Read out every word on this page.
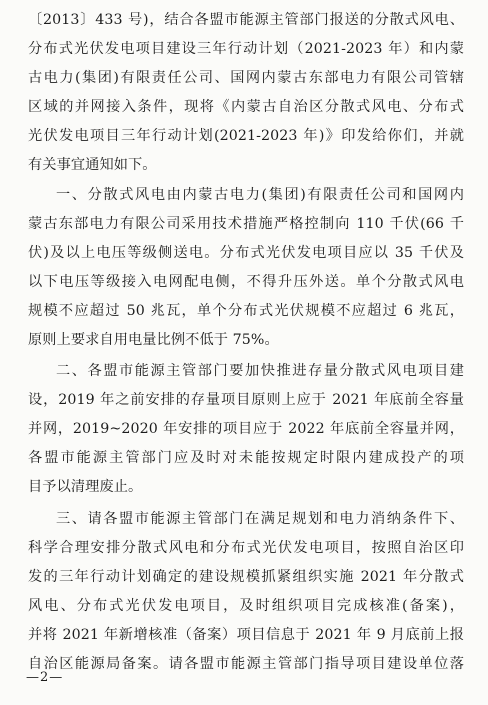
〔2013〕433 号)，结合各盟市能源主管部门报送的分散式风电、
分布式光伏发电项目建设三年行动计划（2021-2023 年）和内蒙
古电力(集团)有限责任公司、国网内蒙古东部电力有限公司管辖
区域的并网接入条件，现将《内蒙古自治区分散式风电、分布式
光伏发电项目三年行动计划(2021-2023 年)》印发给你们，并就
有关事宜通知如下。
一、分散式风电由内蒙古电力(集团)有限责任公司和国网内
蒙古东部电力有限公司采用技术措施严格控制向 110 千伏(66 千
伏)及以上电压等级侧送电。分布式光伏发电项目应以 35 千伏及
以下电压等级接入电网配电侧，不得升压外送。单个分散式风电
规模不应超过 50 兆瓦，单个分布式光伏规模不应超过 6 兆瓦，
原则上要求自用电量比例不低于 75%。
二、各盟市能源主管部门要加快推进存量分散式风电项目建
设，2019 年之前安排的存量项目原则上应于 2021 年底前全容量
并网，2019~2020 年安排的项目应于 2022 年底前全容量并网，
各盟市能源主管部门应及时对未能按规定时限内建成投产的项
目予以清理废止。
三、请各盟市能源主管部门在满足规划和电力消纳条件下、
科学合理安排分散式风电和分布式光伏发电项目，按照自治区印
发的三年行动计划确定的建设规模抓紧组织实施 2021 年分散式
风电、分布式光伏发电项目，及时组织项目完成核准(备案)，
并将 2021 年新增核准（备案）项目信息于 2021 年 9 月底前上报
自治区能源局备案。请各盟市能源主管部门指导项目建设单位落
—2—
